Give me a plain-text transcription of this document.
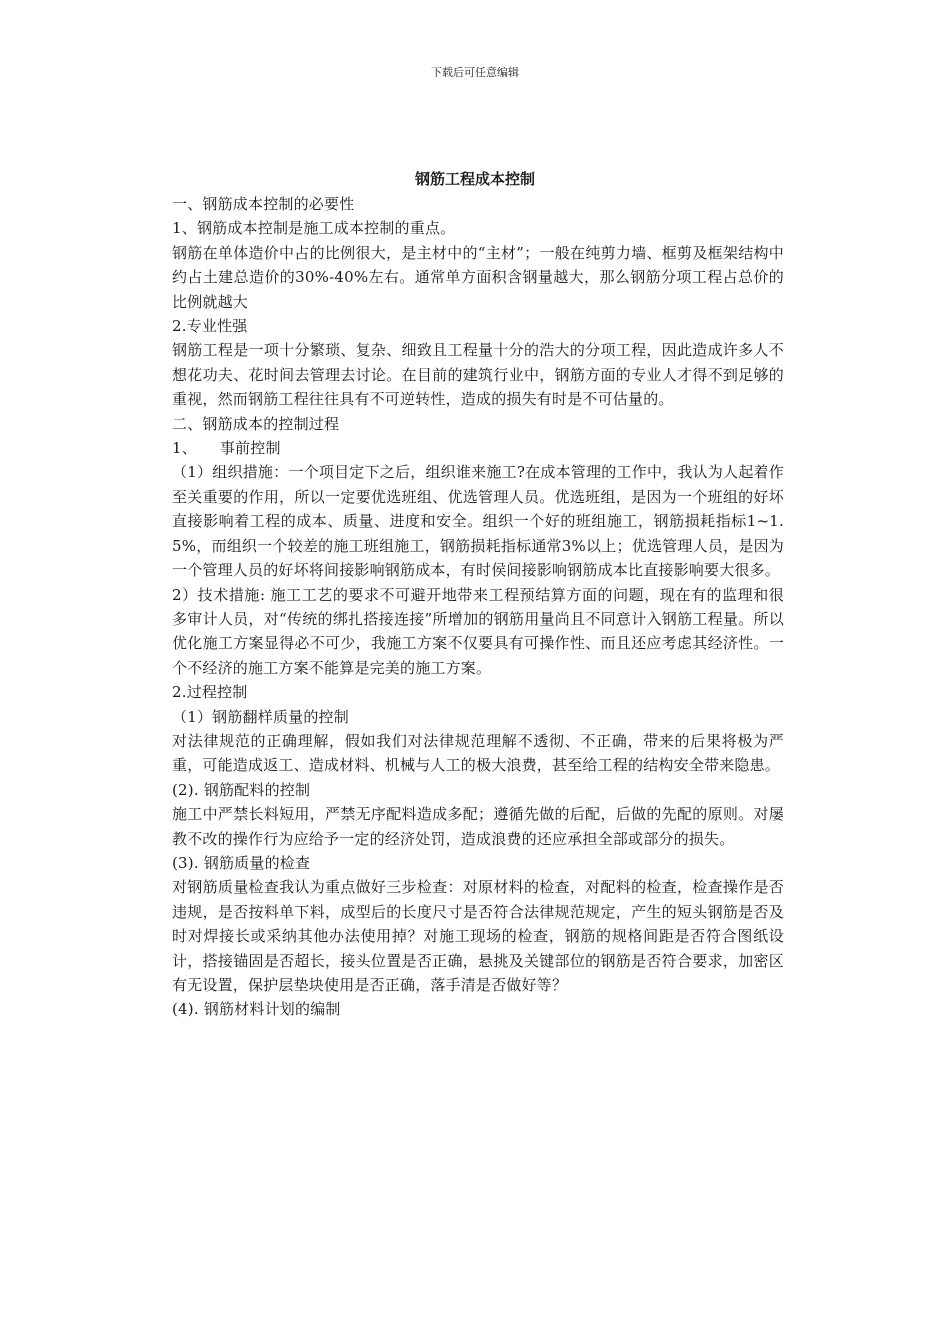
下载后可任意编辑
钢筋工程成本控制

一、钢筋成本控制的必要性

1、钢筋成本控制是施工成本控制的重点。

钢筋在单体造价中占的比例很大，是主材中的“主材”；一般在纯剪力墙、框剪及框架结构中约占土建总造价的30%-40%左右。通常单方面积含钢量越大，那么钢筋分项工程占总价的比例就越大

2.专业性强

钢筋工程是一项十分繁琐、复杂、细致且工程量十分的浩大的分项工程，因此造成许多人不想花功夫、花时间去管理去讨论。在目前的建筑行业中，钢筋方面的专业人才得不到足够的重视，然而钢筋工程往往具有不可逆转性，造成的损失有时是不可估量的。

二、钢筋成本的控制过程

1、　　事前控制

（1）组织措施：一个项目定下之后，组织谁来施工?在成本管理的工作中，我认为人起着作至关重要的作用，所以一定要优选班组、优选管理人员。优选班组，是因为一个班组的好坏直接影响着工程的成本、质量、进度和安全。组织一个好的班组施工，钢筋损耗指标1~1.5%，而组织一个较差的施工班组施工，钢筋损耗指标通常3%以上；优选管理人员，是因为一个管理人员的好坏将间接影响钢筋成本，有时侯间接影响钢筋成本比直接影响要大很多。

2）技术措施: 施工工艺的要求不可避开地带来工程预结算方面的问题，现在有的监理和很多审计人员，对“传统的绑扎搭接连接”所增加的钢筋用量尚且不同意计入钢筋工程量。所以优化施工方案显得必不可少，我施工方案不仅要具有可操作性、而且还应考虑其经济性。一个不经济的施工方案不能算是完美的施工方案。

2.过程控制

（1）钢筋翻样质量的控制

对法律规范的正确理解，假如我们对法律规范理解不透彻、不正确，带来的后果将极为严重，可能造成返工、造成材料、机械与人工的极大浪费，甚至给工程的结构安全带来隐患。

(2). 钢筋配料的控制

施工中严禁长料短用，严禁无序配料造成多配；遵循先做的后配，后做的先配的原则。对屡教不改的操作行为应给予一定的经济处罚，造成浪费的还应承担全部或部分的损失。

(3). 钢筋质量的检查

对钢筋质量检查我认为重点做好三步检查：对原材料的检查，对配料的检查，检查操作是否违规，是否按料单下料，成型后的长度尺寸是否符合法律规范规定，产生的短头钢筋是否及时对焊接长或采纳其他办法使用掉？对施工现场的检查，钢筋的规格间距是否符合图纸设计，搭接锚固是否超长，接头位置是否正确，悬挑及关键部位的钢筋是否符合要求，加密区有无设置，保护层垫块使用是否正确，落手清是否做好等？

(4). 钢筋材料计划的编制
